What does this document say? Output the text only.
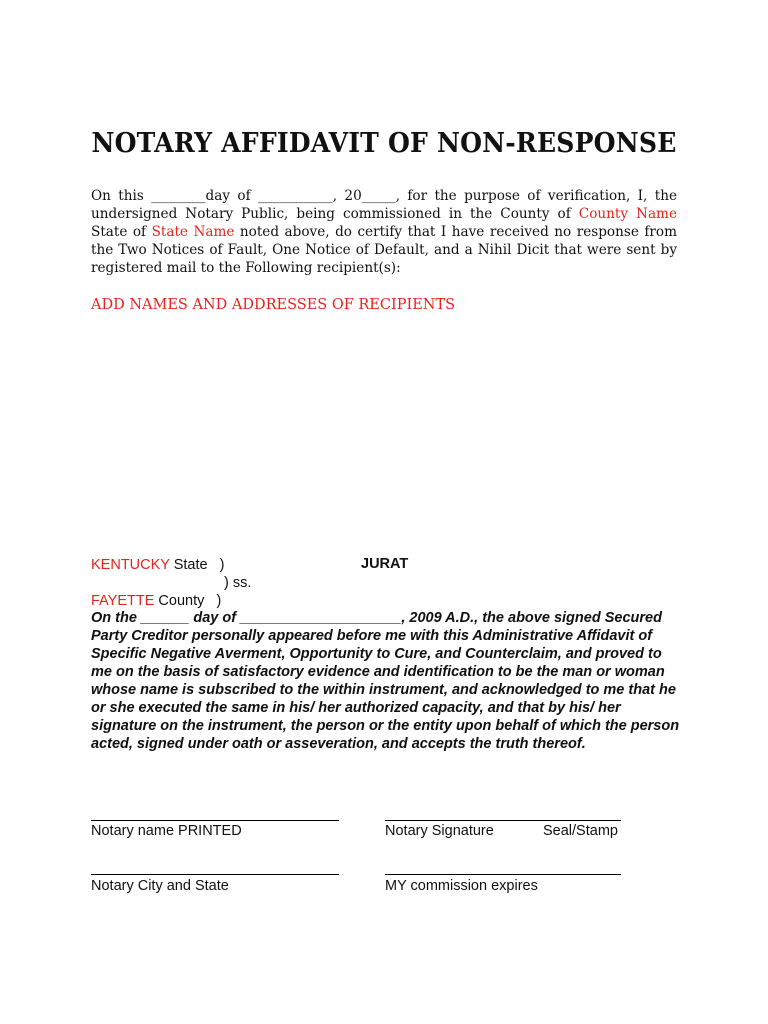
NOTARY AFFIDAVIT OF NON-RESPONSE

On this ________day of ___________, 20_____, for the purpose of verification, I, the undersigned Notary Public, being commissioned in the County of County Name State of State Name noted above, do certify that I have received no response from the Two Notices of Fault, One Notice of Default, and a Nihil Dicit that were sent by registered mail to the Following recipient(s):

ADD NAMES AND ADDRESSES OF RECIPIENTS

KENTUCKY State   )
) ss.
FAYETTE County   )
JURAT

On the ______ day of ____________________, 2009 A.D., the above signed Secured Party Creditor personally appeared before me with this Administrative Affidavit of Specific Negative Averment, Opportunity to Cure, and Counterclaim, and proved to me on the basis of satisfactory evidence and identification to be the man or woman whose name is subscribed to the within instrument, and acknowledged to me that he or she executed the same in his/ her authorized capacity, and that by his/ her signature on the instrument, the person or the entity upon behalf of which the person acted, signed under oath or asseveration, and accepts the truth thereof.

Notary name PRINTED	Notary Signature	Seal/Stamp
Notary City and State	MY commission expires
